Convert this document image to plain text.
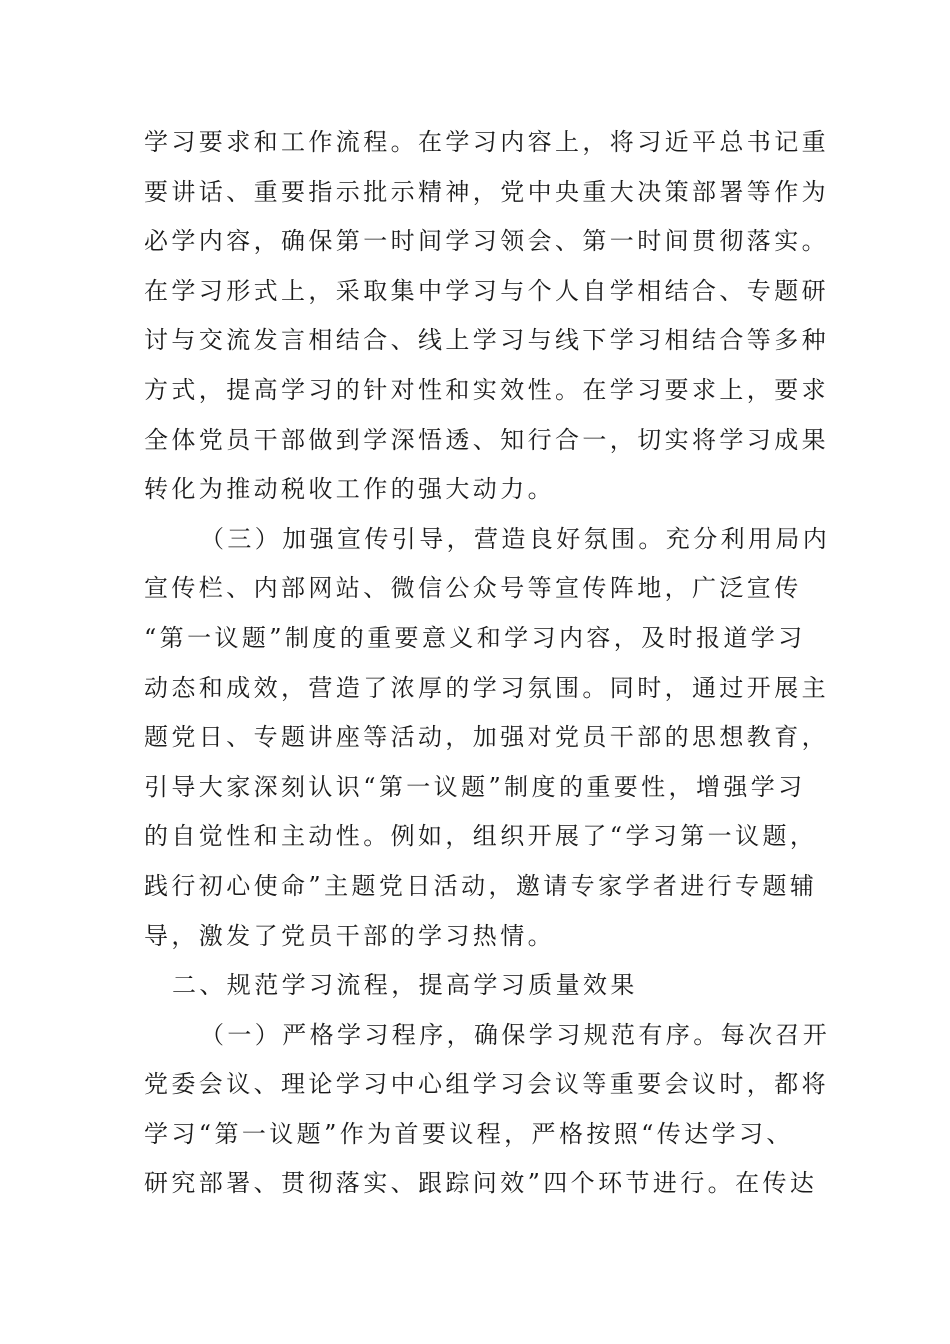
学习要求和工作流程。在学习内容上，将习近平总书记重
要讲话、重要指示批示精神，党中央重大决策部署等作为
必学内容，确保第一时间学习领会、第一时间贯彻落实。
在学习形式上，采取集中学习与个人自学相结合、专题研
讨与交流发言相结合、线上学习与线下学习相结合等多种
方式，提高学习的针对性和实效性。在学习要求上，要求
全体党员干部做到学深悟透、知行合一，切实将学习成果
转化为推动税收工作的强大动力。
（三）加强宣传引导，营造良好氛围。充分利用局内
宣传栏、内部网站、微信公众号等宣传阵地，广泛宣传
“第一议题”制度的重要意义和学习内容，及时报道学习
动态和成效，营造了浓厚的学习氛围。同时，通过开展主
题党日、专题讲座等活动，加强对党员干部的思想教育，
引导大家深刻认识“第一议题”制度的重要性，增强学习
的自觉性和主动性。例如，组织开展了“学习第一议题，
践行初心使命”主题党日活动，邀请专家学者进行专题辅
导，激发了党员干部的学习热情。
二、规范学习流程，提高学习质量效果
（一）严格学习程序，确保学习规范有序。每次召开
党委会议、理论学习中心组学习会议等重要会议时，都将
学习“第一议题”作为首要议程，严格按照“传达学习、
研究部署、贯彻落实、跟踪问效”四个环节进行。在传达
